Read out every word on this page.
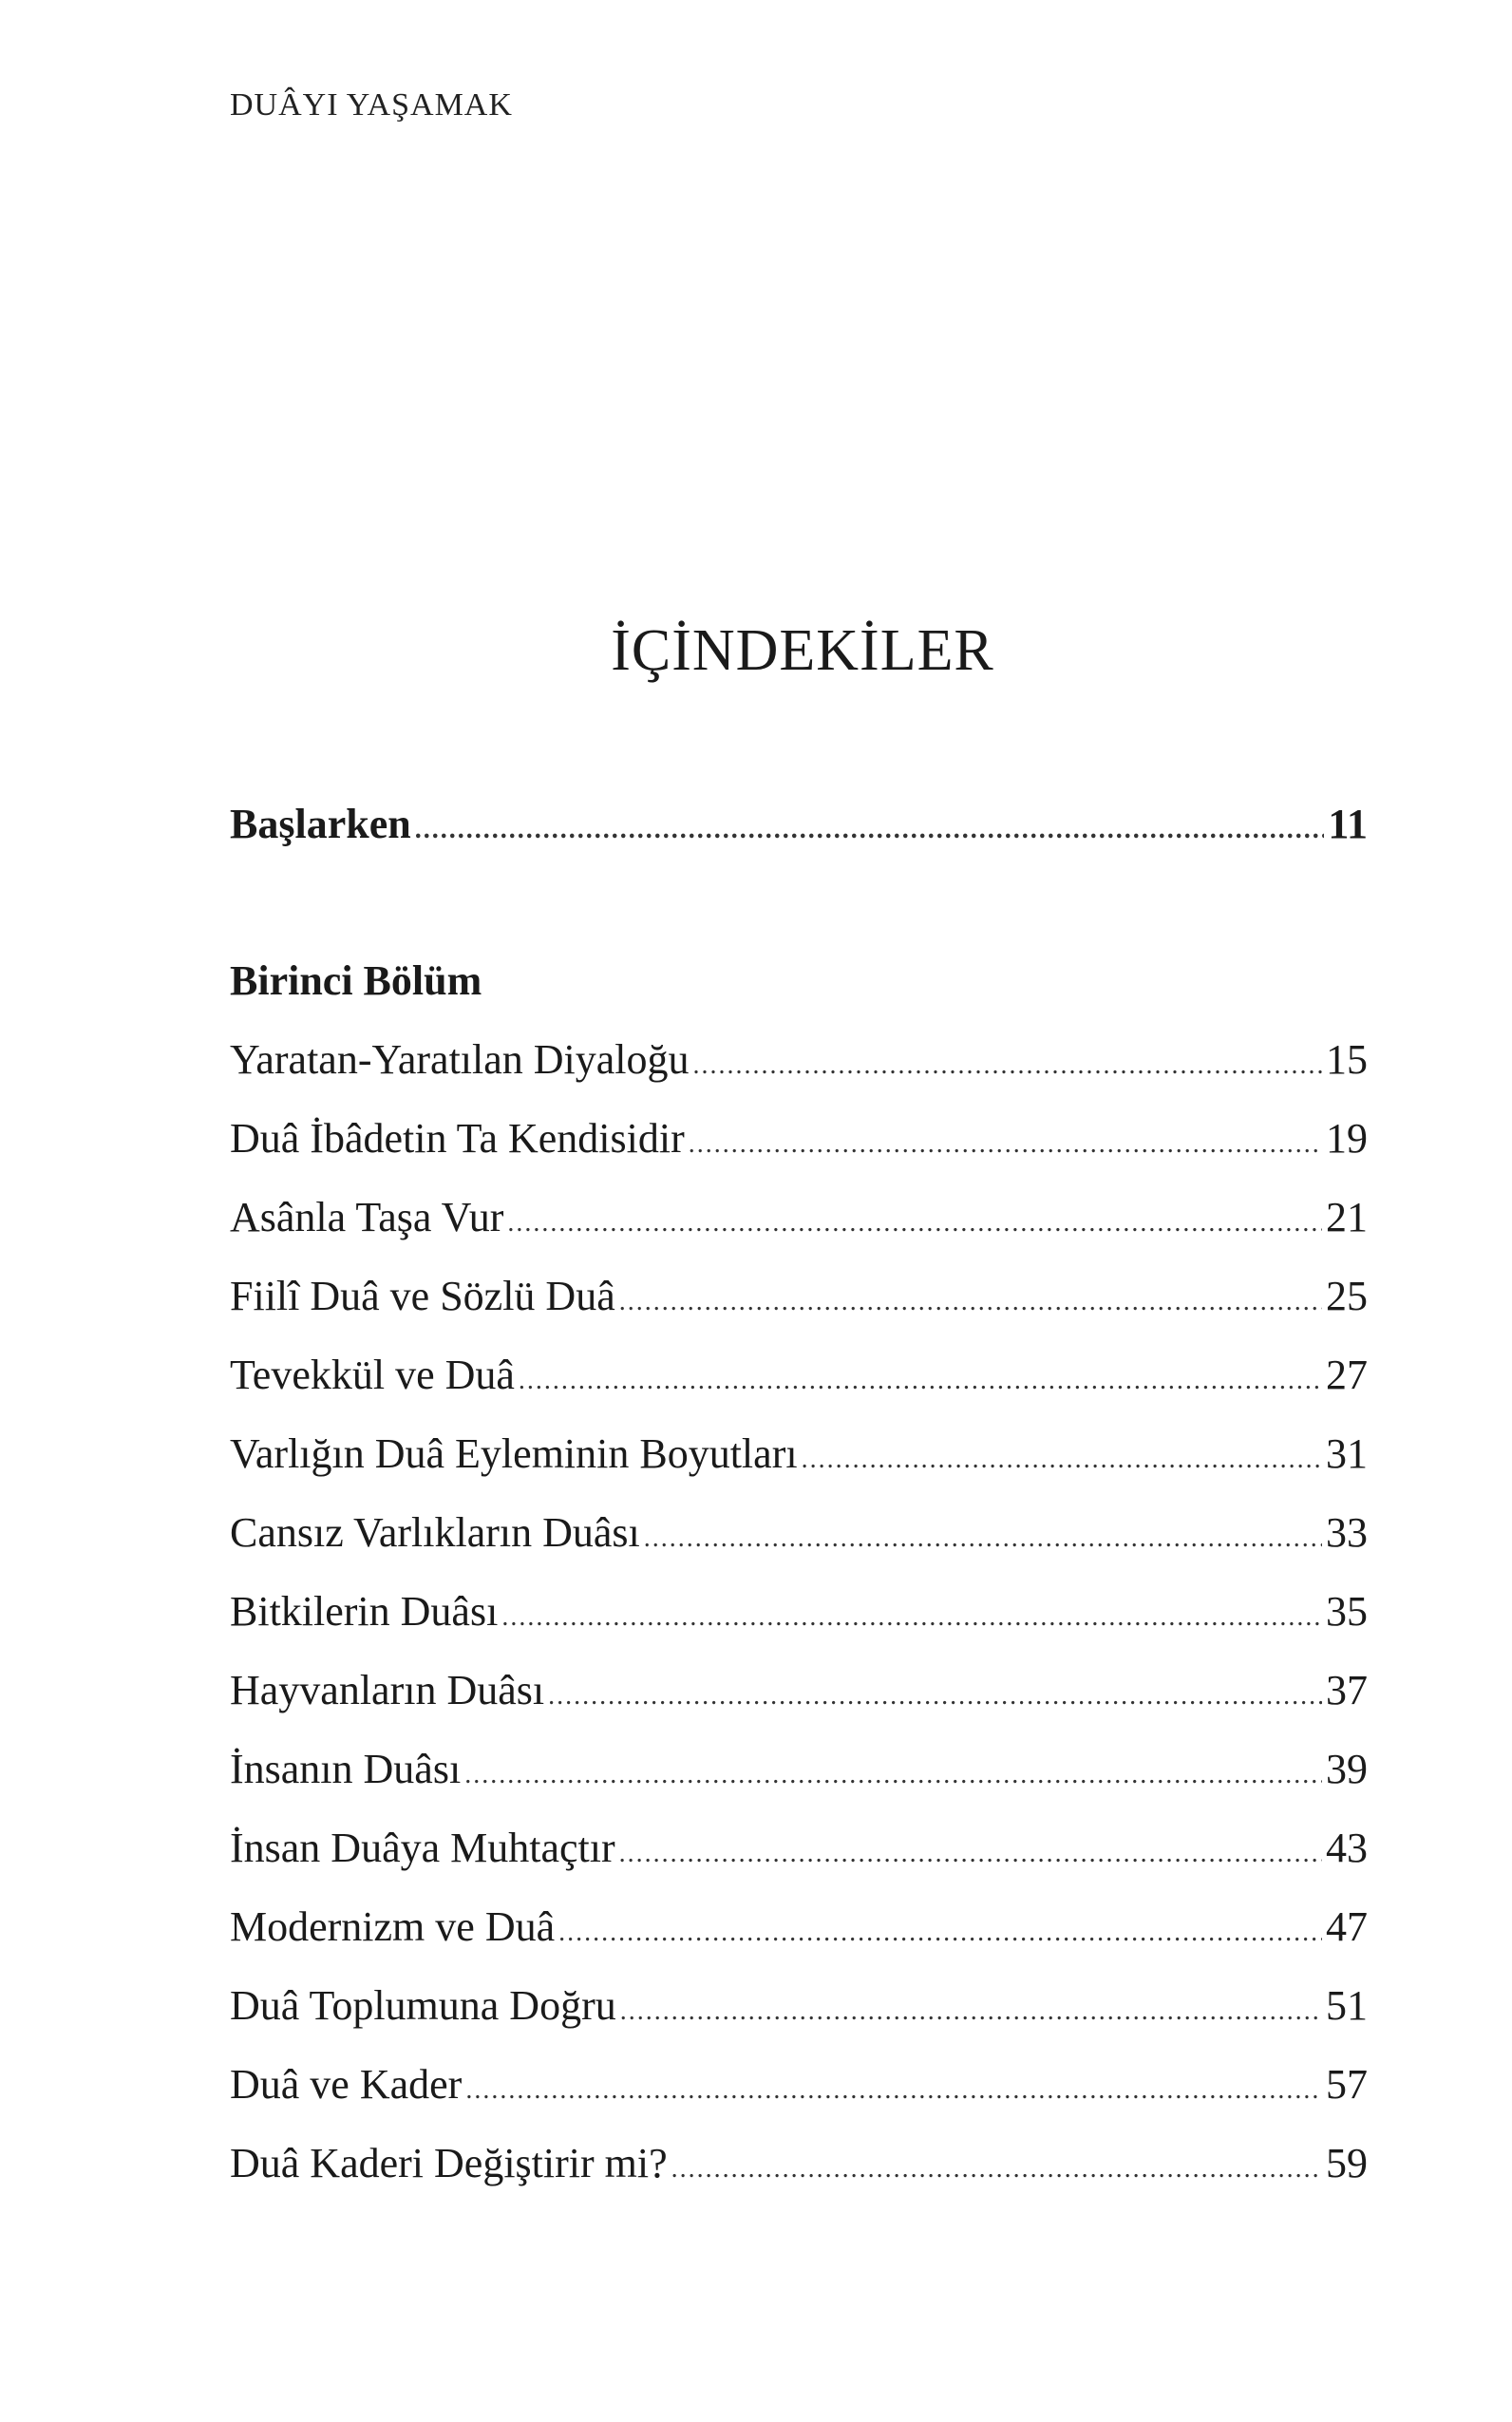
DUÂYI YAŞAMAK
İÇİNDEKİLER
Başlarken .....	11
Birinci Bölüm
Yaratan-Yaratılan Diyaloğu .....	15
Duâ İbâdetin Ta Kendisidir .....	19
Asânla Taşa Vur .....	21
Fiilî Duâ ve Sözlü Duâ .....	25
Tevekkül ve Duâ .....	27
Varlığın Duâ Eyleminin Boyutları .....	31
Cansız Varlıkların Duâsı .....	33
Bitkilerin Duâsı .....	35
Hayvanların Duâsı .....	37
İnsanın Duâsı .....	39
İnsan Duâya Muhtaçtır .....	43
Modernizm ve Duâ .....	47
Duâ Toplumuna Doğru .....	51
Duâ ve Kader .....	57
Duâ Kaderi Değiştirir mi? .....	59
